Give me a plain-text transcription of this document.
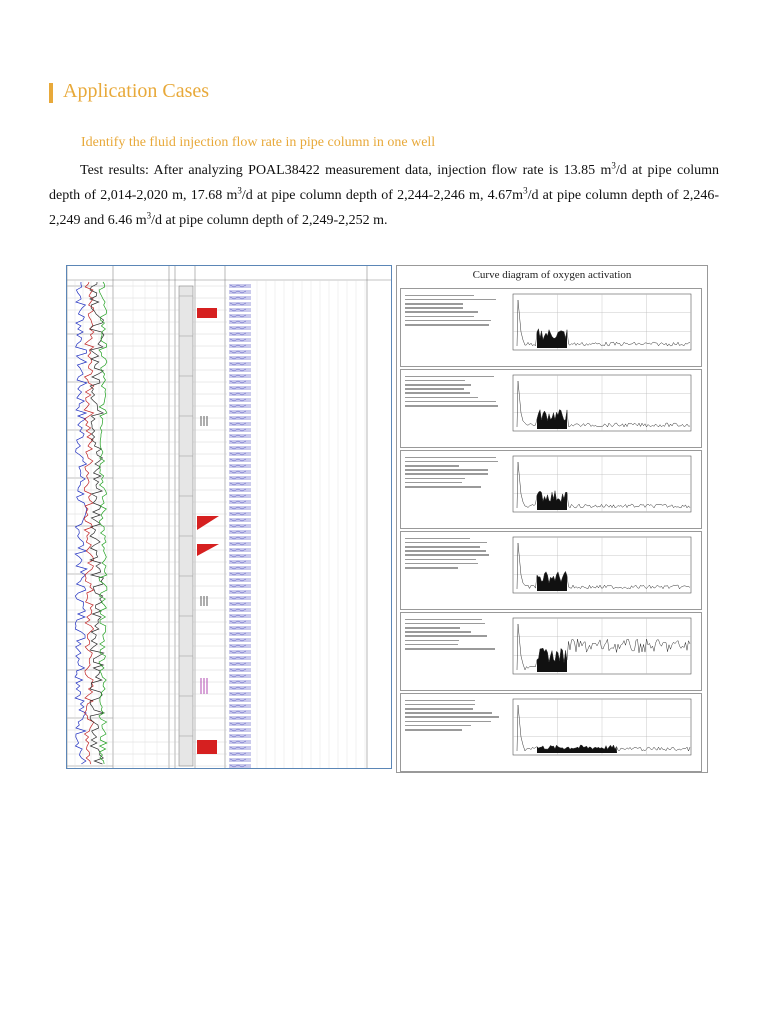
Application Cases
Identify the fluid injection flow rate in pipe column in one well
Test results: After analyzing POAL38422 measurement data, injection flow rate is 13.85 $m^3/d$ at pipe column depth of 2,014-2,020 m, 17.68 $m^3/d$ at pipe column depth of 2,244-2,246 m, $4.67m^3/d$ at pipe column depth of 2,246-2,249 and 6.46 $m^3/d$ at pipe column depth of 2,249-2,252 m.
Curve diagram of oxygen activation
